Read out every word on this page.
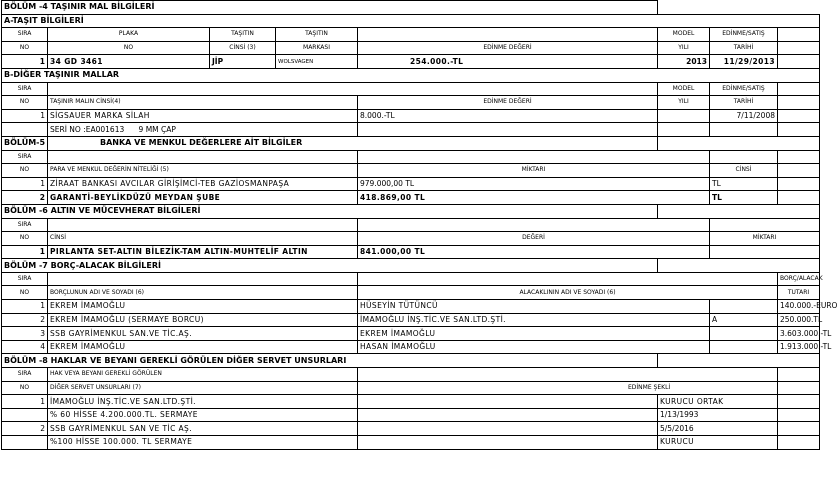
BÖLÜM -4 TAŞINIR MAL BİLGİLERİ							
A-TAŞIT BİLGİLERİ							
SIRA	PLAKA	TAŞITIN	TAŞITIN		MODEL	EDİNME/SATIŞ	
NO	NO	CİNSİ (3)	MARKASI	EDİNME DEĞERİ	YILI	TARİHİ	
1	34 GD 3461	JİP	WOLSVAGEN	254.000.-TL	2013	11/29/2013	
B-DİĞER TAŞINIR MALLAR							
SIRA					MODEL	EDİNME/SATIŞ	
NO	TAŞINIR MALIN CİNSİ(4)			EDİNME DEĞERİ	YILI	TARİHİ	
1	SİGSAUER MARKA SİLAH			8.000.-TL		7/11/2008	
	SERİ NO :EA001613      9 MM ÇAP						
BÖLÜM-5	BANKA VE MENKUL DEĞERLERE AİT BİLGİLER						
SIRA							
NO	PARA VE MENKUL DEĞERİN NİTELİĞİ (5)			MİKTARI		CİNSİ	
1	ZİRAAT BANKASI AVCILAR GİRİŞİMCİ-TEB GAZİOSMANPAŞA			979.000,00 TL		TL	
2	GARANTİ-BEYLİKDÜZÜ MEYDAN ŞUBE			418.869,00 TL		TL	
BÖLÜM -6 ALTIN VE MÜCEVHERAT BİLGİLERİ							
SIRA							
NO	CİNSİ			DEĞERİ		MİKTARI	
1	PIRLANTA SET-ALTIN BİLEZİK-TAM ALTIN-MUHTELİF ALTIN			841.000,00 TL			
BÖLÜM -7 BORÇ-ALACAK BİLGİLERİ							
SIRA							BORÇ/ALACAK
NO	BORÇLUNUN ADI VE SOYADI (6)			ALACAKLININ ADI VE SOYADI (6)			TUTARI
1	EKREM İMAMOĞLU			HÜSEYİN TÜTÜNCÜ			140.000.-EURO
2	EKREM İMAMOĞLU (SERMAYE BORCU)			İMAMOĞLU İNŞ.TİC.VE SAN.LTD.ŞTİ.		A	250.000.TL
3	SSB GAYRİMENKUL SAN.VE TİC.AŞ.			EKREM İMAMOĞLU			3.603.000.-TL
4	EKREM İMAMOĞLU			HASAN İMAMOĞLU			1.913.000.-TL
BÖLÜM -8 HAKLAR VE BEYANI GEREKLİ GÖRÜLEN DİĞER SERVET UNSURLARI							
SIRA	HAK VEYA BEYANI GEREKLİ GÖRÜLEN						
NO	DİĞER SERVET UNSURLARI (7)			EDİNME ŞEKLİ			
1	İMAMOĞLU İNŞ.TİC.VE SAN.LTD.ŞTİ.				KURUCU ORTAK		
	% 60 HİSSE 4.200.000.TL. SERMAYE				1/13/1993		
2	SSB GAYRİMENKUL SAN VE TİC AŞ.				5/5/2016		
	%100 HİSSE 100.000. TL SERMAYE				KURUCU		
